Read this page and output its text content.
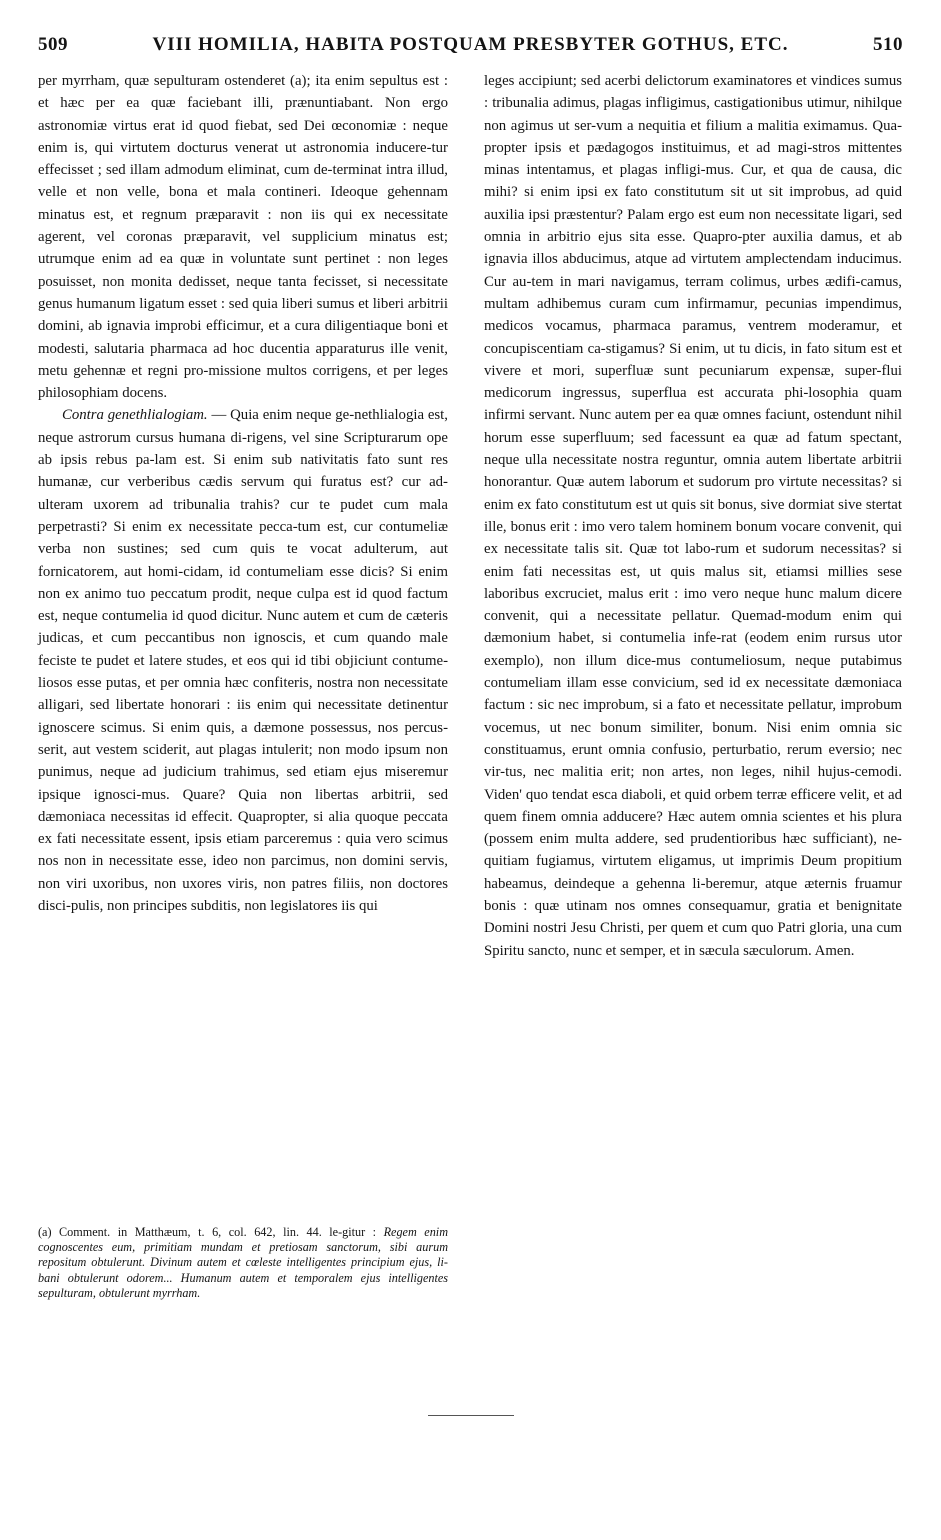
509	VIII HOMILIA, HABITA POSTQUAM PRESBYTER GOTHUS, ETC.	510

per myrrham, quæ sepulturam ostenderet (a); ita enim sepultus est : et hæc per ea quæ faciebant illi, prænuntiabant. Non ergo astronomiæ virtus erat id quod fiebat, sed Dei œconomiæ : neque enim is, qui virtutem docturus venerat ut astronomia inducere-tur effecisset ; sed illam admodum eliminat, cum de-terminat intra illud, velle et non velle, bona et mala contineri. Ideoque gehennam minatus est, et regnum præparavit : non iis qui ex necessitate agerent, vel coronas præparavit, vel supplicium minatus est; utrumque enim ad ea quæ in voluntate sunt pertinet : non leges posuisset, non monita dedisset, neque tanta fecisset, si necessitate genus humanum ligatum esset : sed quia liberi sumus et liberi arbitrii domini, ab ignavia improbi efficimur, et a cura diligentiaque boni et modesti, salutaria pharmaca ad hoc ducentia apparaturus ille venit, metu gehennæ et regni pro-missione multos corrigens, et per leges philosophiam docens.

Contra genethlialogiam. — Quia enim neque ge-nethlialogia est, neque astrorum cursus humana di-rigens, vel sine Scripturarum ope ab ipsis rebus pa-lam est. Si enim sub nativitatis fato sunt res humanæ, cur verberibus cædis servum qui furatus est? cur ad-ulteram uxorem ad tribunalia trahis? cur te pudet cum mala perpetrasti? Si enim ex necessitate pecca-tum est, cur contumeliæ verba non sustines; sed cum quis te vocat adulterum, aut fornicatorem, aut homi-cidam, id contumeliam esse dicis? Si enim non ex animo tuo peccatum prodit, neque culpa est id quod factum est, neque contumelia id quod dicitur. Nunc autem et cum de cæteris judicas, et cum peccantibus non ignoscis, et cum quando male feciste te pudet et latere studes, et eos qui id tibi objiciunt contume-liosos esse putas, et per omnia hæc confiteris, nostra non necessitate alligari, sed libertate honorari : iis enim qui necessitate detinentur ignoscere scimus. Si enim quis, a dæmone possessus, nos percus-serit, aut vestem sciderit, aut plagas intulerit; non modo ipsum non punimus, neque ad judicium trahimus, sed etiam ejus miseremur ipsique ignosci-mus. Quare? Quia non libertas arbitrii, sed dæmoniaca necessitas id effecit. Quapropter, si alia quoque peccata ex fati necessitate essent, ipsis etiam parceremus : quia vero scimus nos non in necessitate esse, ideo non parcimus, non domini servis, non viri uxoribus, non uxores viris, non patres filiis, non doctores disci-pulis, non principes subditis, non legislatores iis qui

(a) Comment. in Matthæum, t. 6, col. 642, lin. 44. le-gitur : Regem enim cognoscentes eum, primitiam mundam et pretiosam sanctorum, sibi aurum repositum obtulerunt. Divinum autem et cœleste intelligentes principium ejus, li-bani obtulerunt odorem... Humanum autem et temporalem ejus intelligentes sepulturam, obtulerunt myrrham.

leges accipiunt; sed acerbi delictorum examinatores et vindices sumus : tribunalia adimus, plagas infligimus, castigationibus utimur, nihilque non agimus ut ser-vum a nequitia et filium a malitia eximamus. Qua-propter ipsis et pædagogos instituimus, et ad magi-stros mittentes minas intentamus, et plagas infligi-mus. Cur, et qua de causa, dic mihi? si enim ipsi ex fato constitutum sit ut sit improbus, ad quid auxilia ipsi præstentur? Palam ergo est eum non necessitate ligari, sed omnia in arbitrio ejus sita esse. Quapro-pter auxilia damus, et ab ignavia illos abducimus, atque ad virtutem amplectendam inducimus. Cur au-tem in mari navigamus, terram colimus, urbes ædifi-camus, multam adhibemus curam cum infirmamur, pecunias impendimus, medicos vocamus, pharmaca paramus, ventrem moderamur, et concupiscentiam ca-stigamus? Si enim, ut tu dicis, in fato situm est et vivere et mori, superfluæ sunt pecuniarum expensæ, super-flui medicorum ingressus, superflua est accurata phi-losophia quam infirmi servant. Nunc autem per ea quæ omnes faciunt, ostendunt nihil horum esse superfluum; sed facessunt ea quæ ad fatum spectant, neque ulla necessitate nostra reguntur, omnia autem libertate arbitrii honorantur. Quæ autem laborum et sudorum pro virtute necessitas? si enim ex fato constitutum est ut quis sit bonus, sive dormiat sive stertat ille, bonus erit : imo vero talem hominem bonum vocare convenit, qui ex necessitate talis sit. Quæ tot labo-rum et sudorum necessitas? si enim fati necessitas est, ut quis malus sit, etiamsi millies sese laboribus excruciet, malus erit : imo vero neque hunc malum dicere convenit, qui a necessitate pellatur. Quemad-modum enim qui dæmonium habet, si contumelia infe-rat (eodem enim rursus utor exemplo), non illum dice-mus contumeliosum, neque putabimus contumeliam illam esse convicium, sed id ex necessitate dæmoniaca factum : sic nec improbum, si a fato et necessitate pellatur, improbum vocemus, ut nec bonum similiter, bonum. Nisi enim omnia sic constituamus, erunt omnia confusio, perturbatio, rerum eversio; nec vir-tus, nec malitia erit; non artes, non leges, nihil hujus-cemodi. Viden' quo tendat esca diaboli, et quid orbem terræ efficere velit, et ad quem finem omnia adducere? Hæc autem omnia scientes et his plura (possem enim multa addere, sed prudentioribus hæc sufficiant), ne-quitiam fugiamus, virtutem eligamus, ut imprimis Deum propitium habeamus, deindeque a gehenna li-beremur, atque æternis fruamur bonis : quæ utinam nos omnes consequamur, gratia et benignitate Domini nostri Jesu Christi, per quem et cum quo Patri gloria, una cum Spiritu sancto, nunc et semper, et in sæcula sæculorum. Amen.
